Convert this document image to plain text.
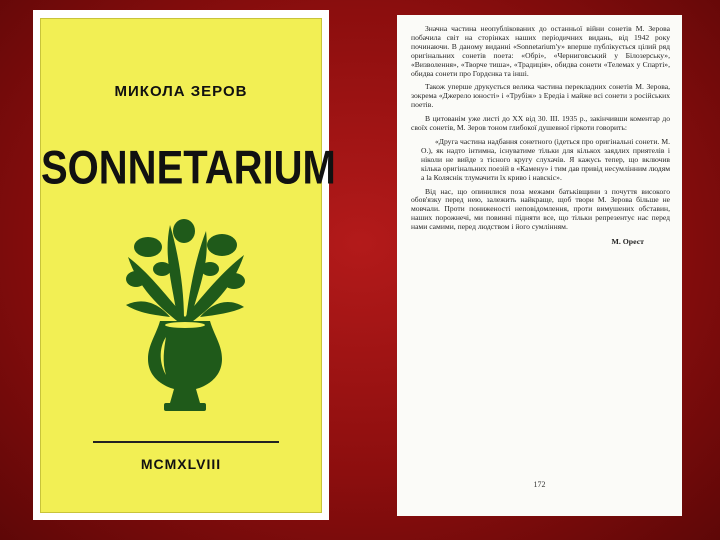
МИКОЛА ЗЕРОВ
SONNETARIUM
MCMXLVIII

Значна частина неопублікованих до останньої війни сонетів М. Зерова побачила світ на сторінках наших періодичних видань, від 1942 року починаючи. В даному виданні «Sonnetarium'у» вперше публікується цілий ряд оригінальних сонетів поета: «Обрі», «Черниговський у Білозерську», «Визволення», «Творче тиша», «Традиція», обидва сонети «Телемах у Спарті», обидва сонети про Гордєнка та інші.

Також уперше друкується велика частина перекладних сонетів М. Зерова, зокрема «Джерело юності» і «Трубіж» з Ередіа і майже всі сонети з російських поетів.

В цитованім уже листі до XX від 30. III. 1935 р., закінчивши коментар до своїх сонетів, М. Зеров тоном глибокої душевної гіркоти говорить:

«Друга частина надбання сонетного (ідеться про оригінальні сонети. М. О.), як надто інтимна, існуватиме тільки для кількох заядлих приятелів і ніколи не вийде з тісного кругу слухачів. Я кажусь тепер, що включив кілька оригінальних поезій в «Камену» і тим дав привід несумлінним людям а la Коляснік тлумачити їх криво і навскіс».

Від нас, що опинилися поза межами батьківщини з почуття високого обов'язку перед нею, залежить найкраще, щоб твори М. Зерова більше не мовчали. Проти пониженості неповідомлення, проти вимушених обставин, наших порожнечі, ми повинні підняти все, що тільки репрезентує нас перед нами самими, перед людством і його сумлінням.

М. Орест
172
